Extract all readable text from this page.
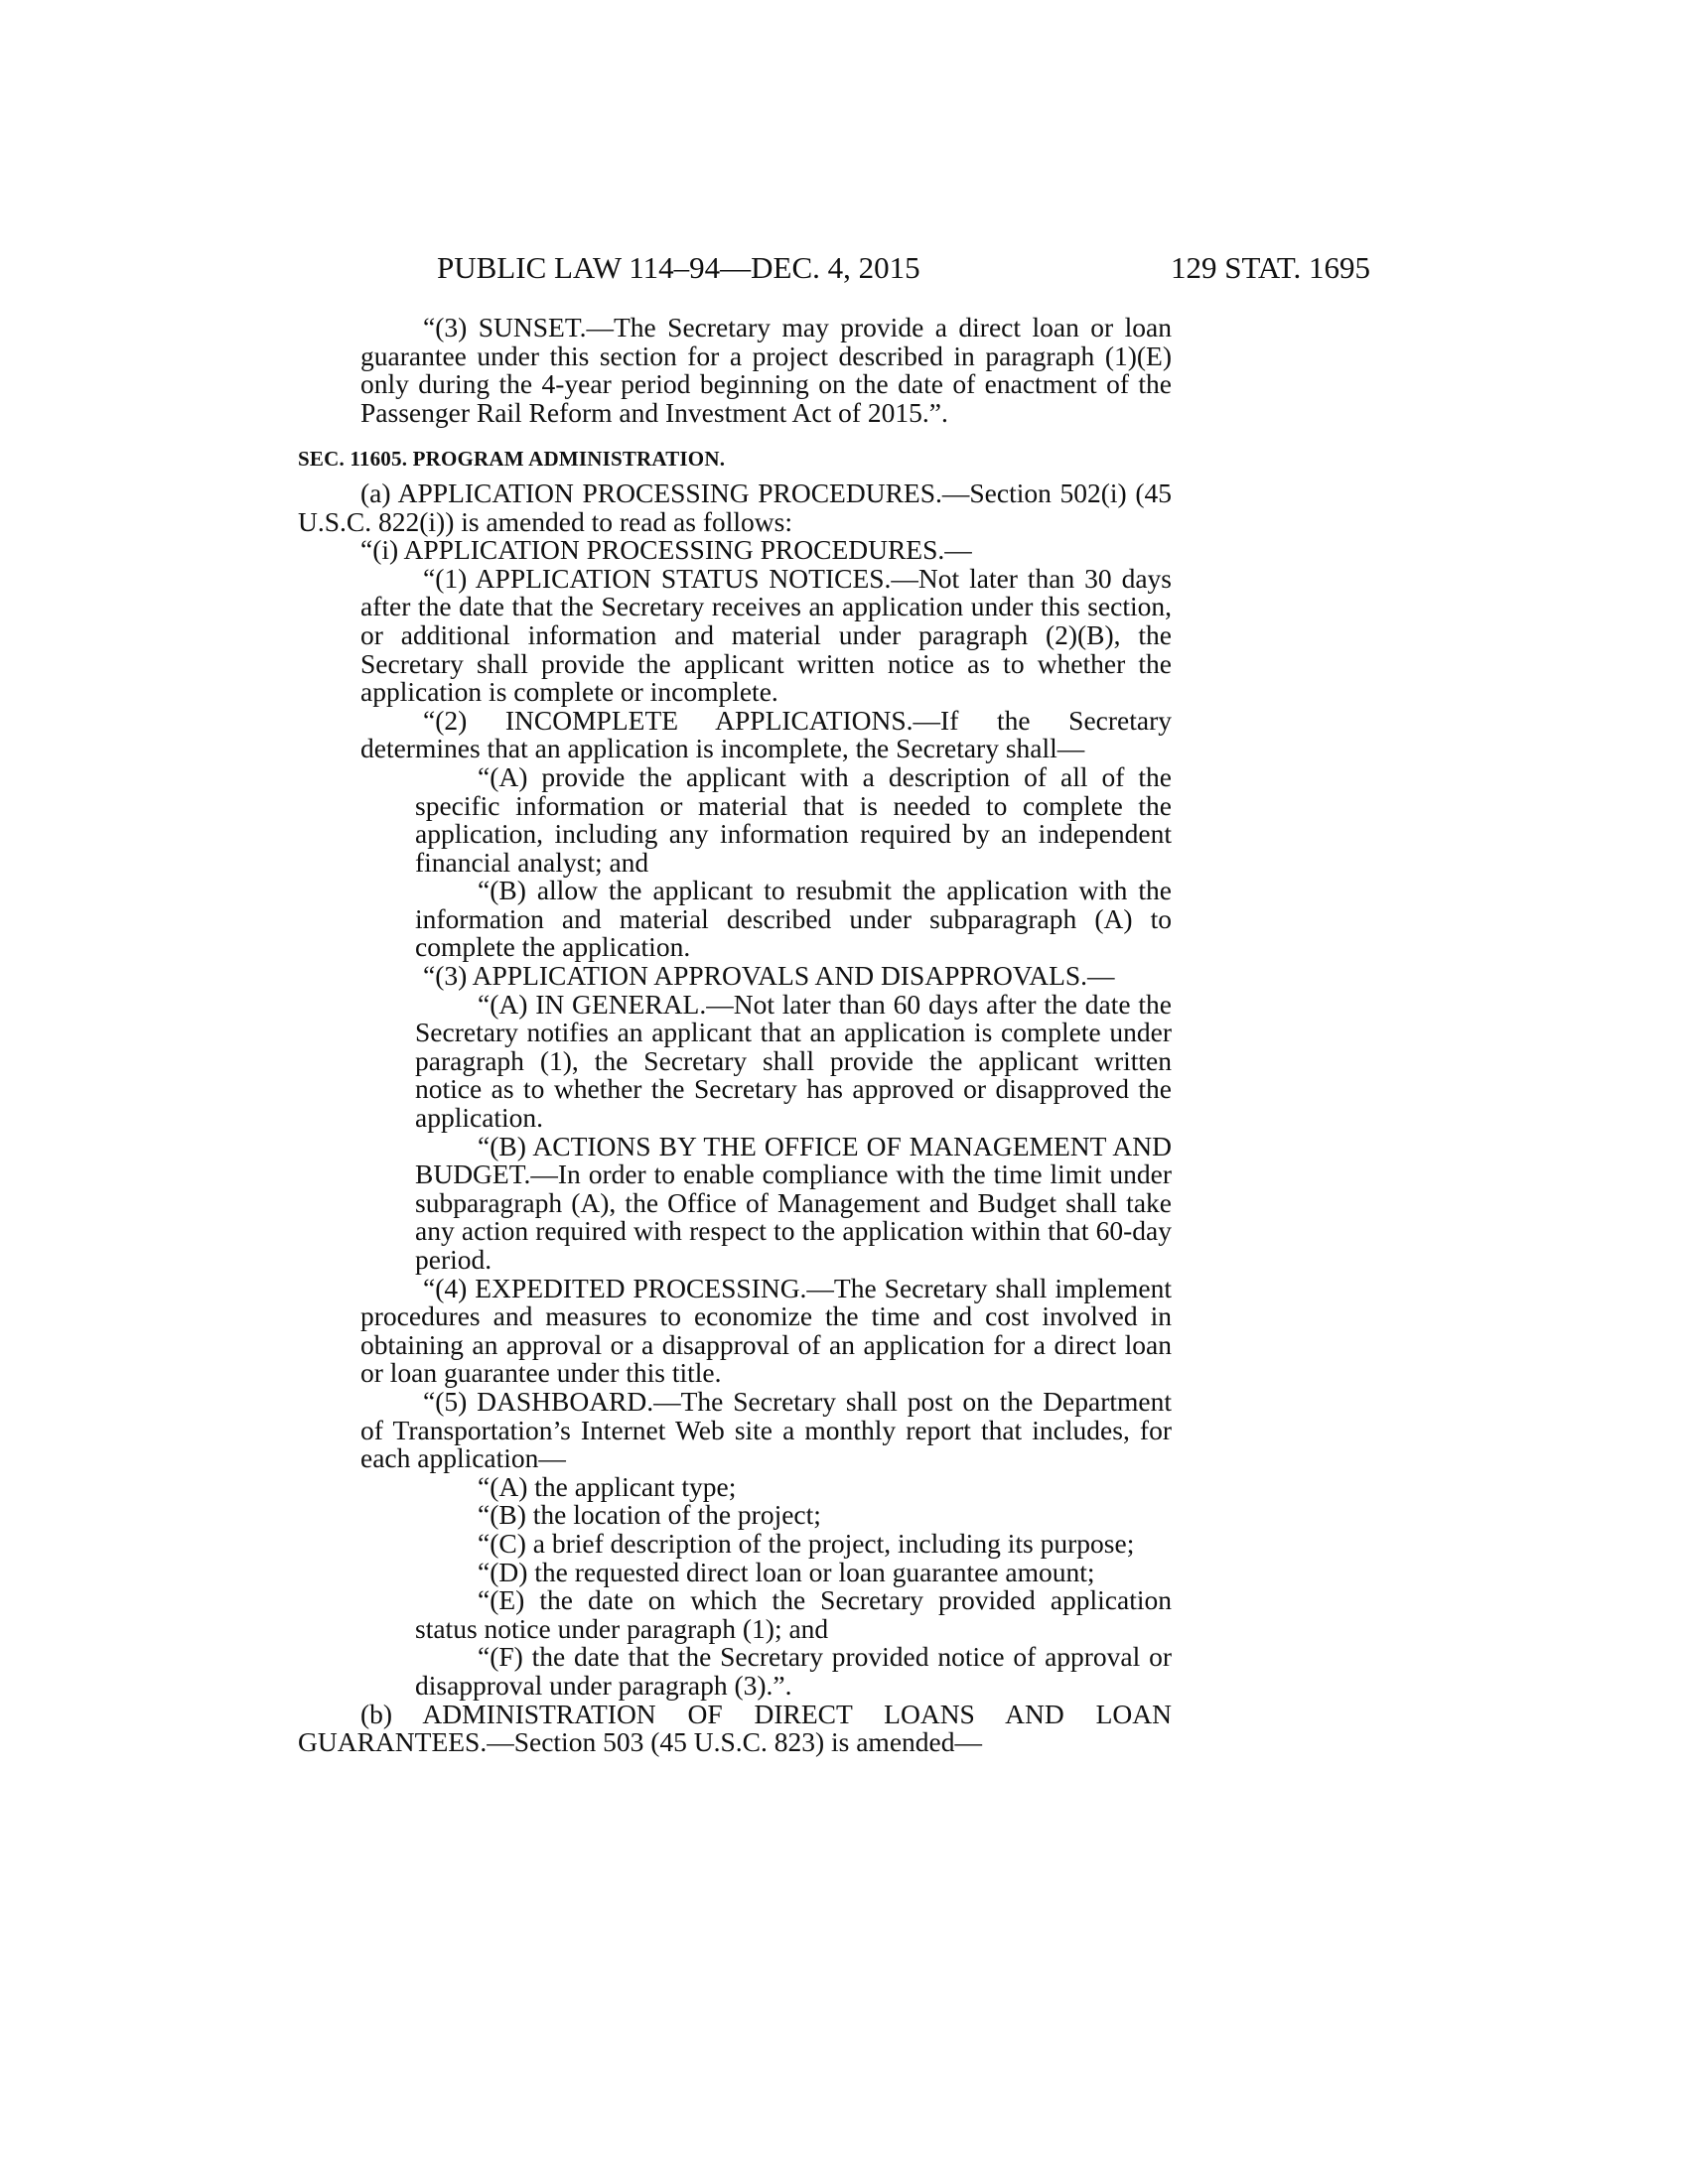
PUBLIC LAW 114–94—DEC. 4, 2015	129 STAT. 1695

“(3) SUNSET.—The Secretary may provide a direct loan or loan guarantee under this section for a project described in paragraph (1)(E) only during the 4-year period beginning on the date of enactment of the Passenger Rail Reform and Investment Act of 2015.”.

SEC. 11605. PROGRAM ADMINISTRATION.

(a) APPLICATION PROCESSING PROCEDURES.—Section 502(i) (45 U.S.C. 822(i)) is amended to read as follows:

“(i) APPLICATION PROCESSING PROCEDURES.—

“(1) APPLICATION STATUS NOTICES.—Not later than 30 days after the date that the Secretary receives an application under this section, or additional information and material under paragraph (2)(B), the Secretary shall provide the applicant written notice as to whether the application is complete or incomplete.

“(2) INCOMPLETE APPLICATIONS.—If the Secretary determines that an application is incomplete, the Secretary shall—

“(A) provide the applicant with a description of all of the specific information or material that is needed to complete the application, including any information required by an independent financial analyst; and

“(B) allow the applicant to resubmit the application with the information and material described under subparagraph (A) to complete the application.

“(3) APPLICATION APPROVALS AND DISAPPROVALS.—

“(A) IN GENERAL.—Not later than 60 days after the date the Secretary notifies an applicant that an application is complete under paragraph (1), the Secretary shall provide the applicant written notice as to whether the Secretary has approved or disapproved the application.

“(B) ACTIONS BY THE OFFICE OF MANAGEMENT AND BUDGET.—In order to enable compliance with the time limit under subparagraph (A), the Office of Management and Budget shall take any action required with respect to the application within that 60-day period.

“(4) EXPEDITED PROCESSING.—The Secretary shall implement procedures and measures to economize the time and cost involved in obtaining an approval or a disapproval of an application for a direct loan or loan guarantee under this title.

“(5) DASHBOARD.—The Secretary shall post on the Department of Transportation’s Internet Web site a monthly report that includes, for each application—

“(A) the applicant type;

“(B) the location of the project;

“(C) a brief description of the project, including its purpose;

“(D) the requested direct loan or loan guarantee amount;

“(E) the date on which the Secretary provided application status notice under paragraph (1); and

“(F) the date that the Secretary provided notice of approval or disapproval under paragraph (3).”.

(b) ADMINISTRATION OF DIRECT LOANS AND LOAN GUARANTEES.—Section 503 (45 U.S.C. 823) is amended—
